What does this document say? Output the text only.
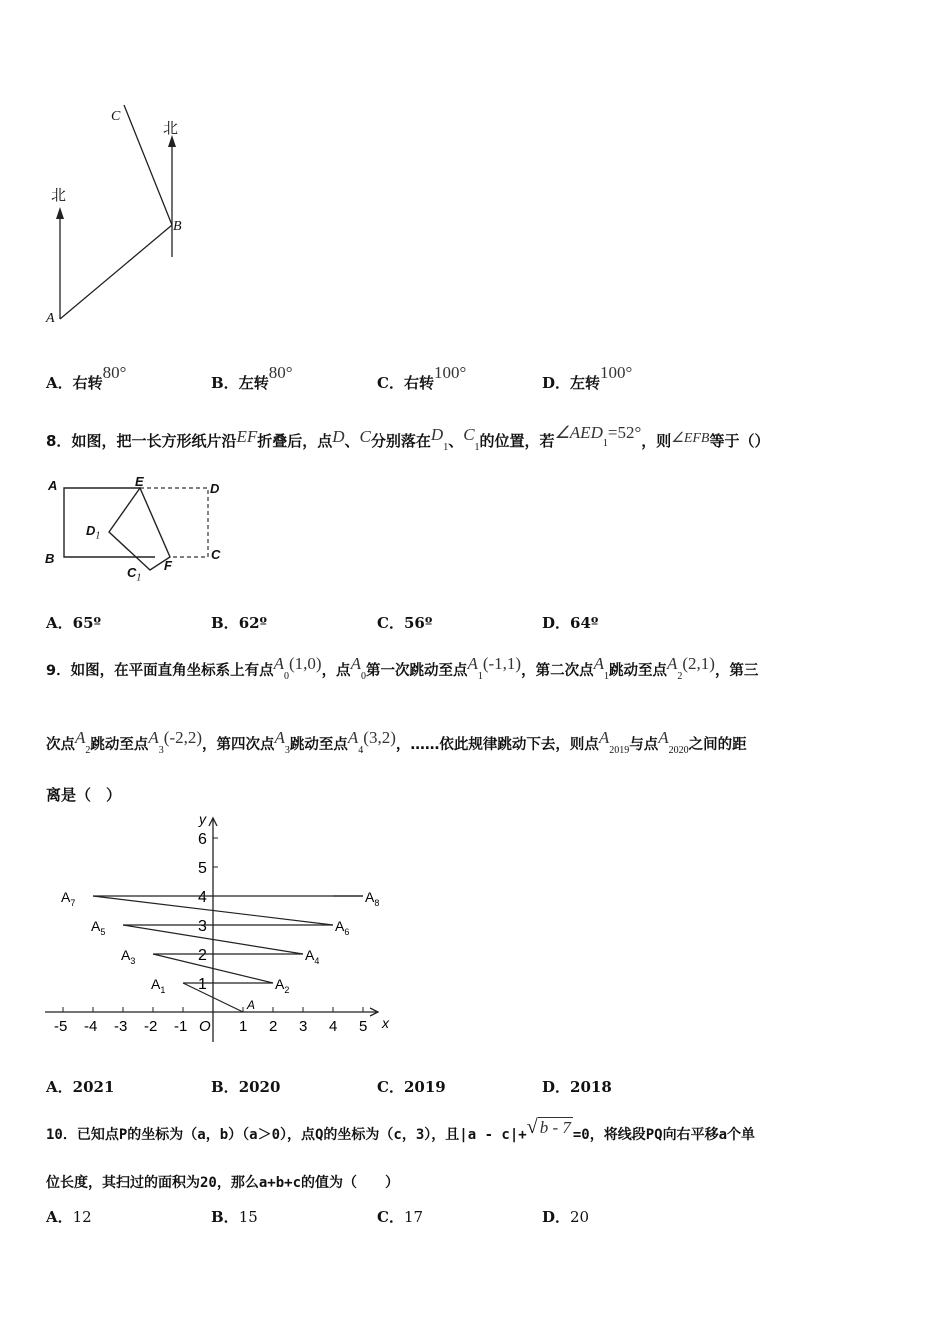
北
北
A
B
C
A．右转80°
B．左转80°
C．右转100°
D．左转100°
8．如图，把一长方形纸片沿EF折叠后，点D、C分别落在$D_1$、$C_1$的位置，若$\angle AED_1=52^\circ$，则∠EFB等于（）
A	E	D
$D_1$
B
$C_1$
F
C
A．65º	B．62º	C．56º	D．64º
9．如图，在平面直角坐标系上有点$A_0(1,0)$，点$A_0$第一次跳动至点$A_1(-1,1)$，第二次点$A_1$跳动至点$A_2(2,1)$，第三
次点$A_2$跳动至点$A_3(-2,2)$，第四次点$A_3$跳动至点$A_4(3,2)$，……依此规律跳动下去，则点$A_{2019}$与点$A_{2020}$之间的距
离是（　）
x
y
-5 -4 -3 -2 -1 O 1 2 3 4 5
1
2
3
4
5
6
A
$A_1$	$A_2$
$A_3$	$A_4$
$A_5$	$A_6$
$A_7$	$A_8$
A．2021	B．2020	C．2019	D．2018
10．已知点P的坐标为（a，b）（a＞0），点Q的坐标为（c，3），且|a - c|+√ b - 7 =0，将线段PQ向右平移a个单
位长度，其扫过的面积为20，那么a+b+c的值为（　　）
A．12	B．15	C．17	D．20
